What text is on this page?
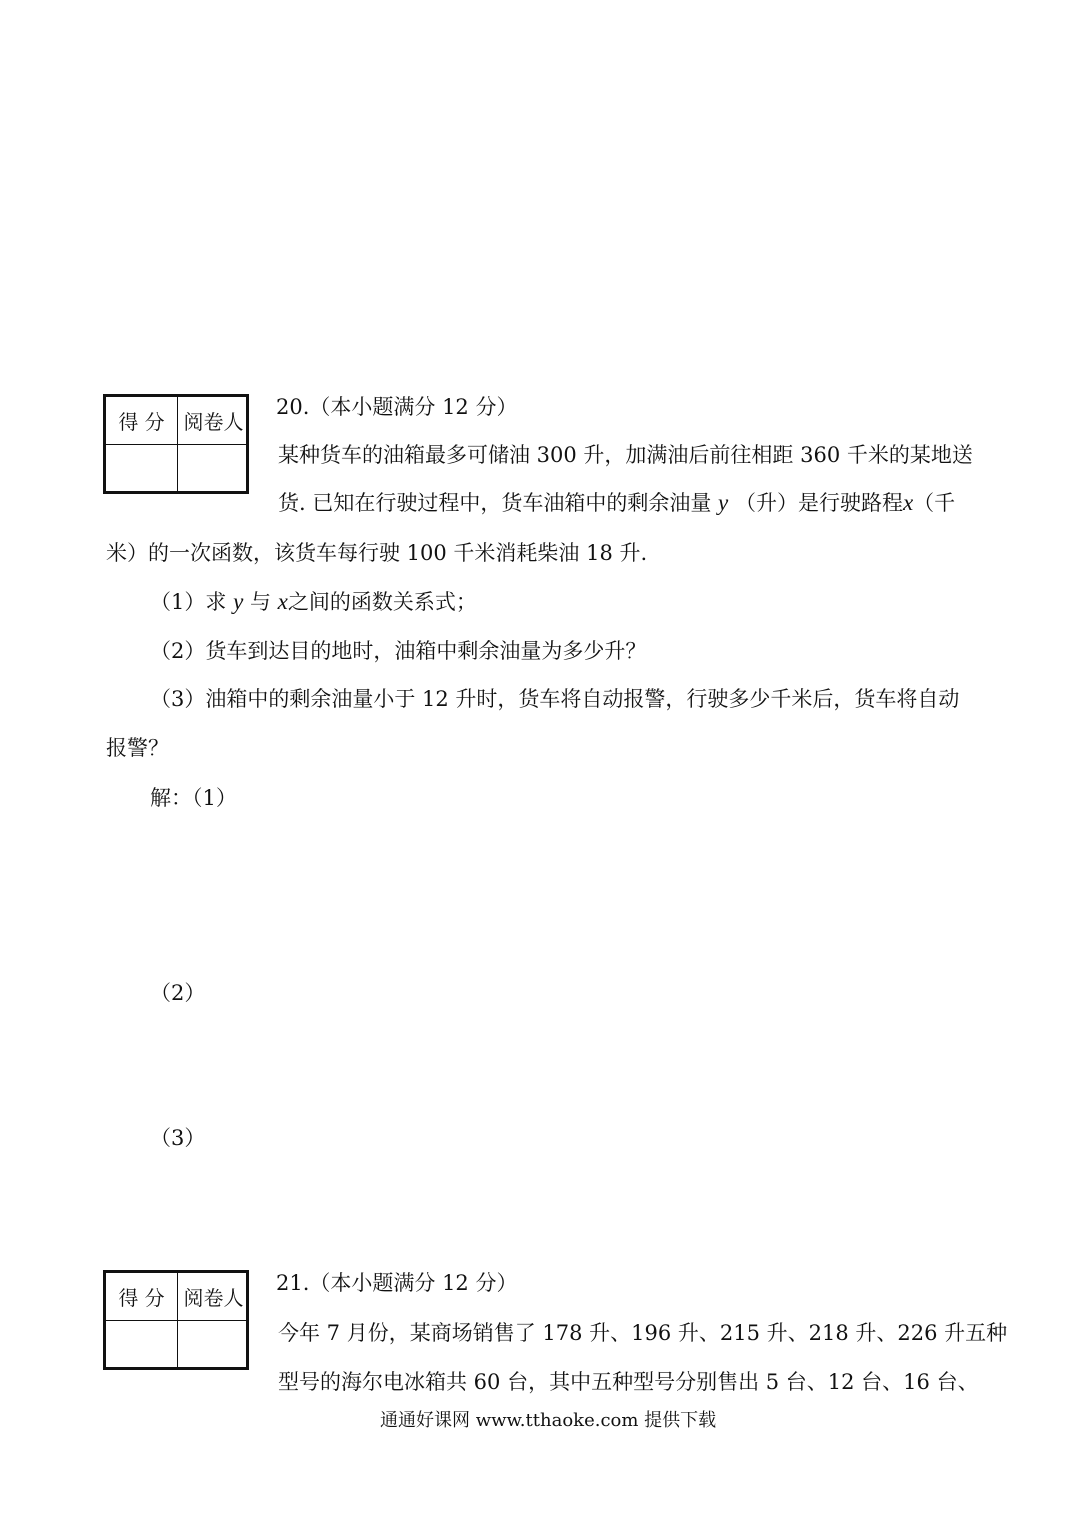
得 分 阅卷人
20.（本小题满分 12 分）
某种货车的油箱最多可储油 300 升，加满油后前往相距 360 千米的某地送
货. 已知在行驶过程中，货车油箱中的剩余油量 y （升）是行驶路程x（千
米）的一次函数，该货车每行驶 100 千米消耗柴油 18 升.
（1）求 y 与 x之间的函数关系式；
（2）货车到达目的地时，油箱中剩余油量为多少升？
（3）油箱中的剩余油量小于 12 升时，货车将自动报警，行驶多少千米后，货车将自动
报警？
解：（1）
（2）
（3）
得 分 阅卷人
21.（本小题满分 12 分）
今年 7 月份，某商场销售了 178 升、196 升、215 升、218 升、226 升五种
型号的海尔电冰箱共 60 台，其中五种型号分别售出 5 台、12 台、16 台、
通通好课网 www.tthaoke.com 提供下载
